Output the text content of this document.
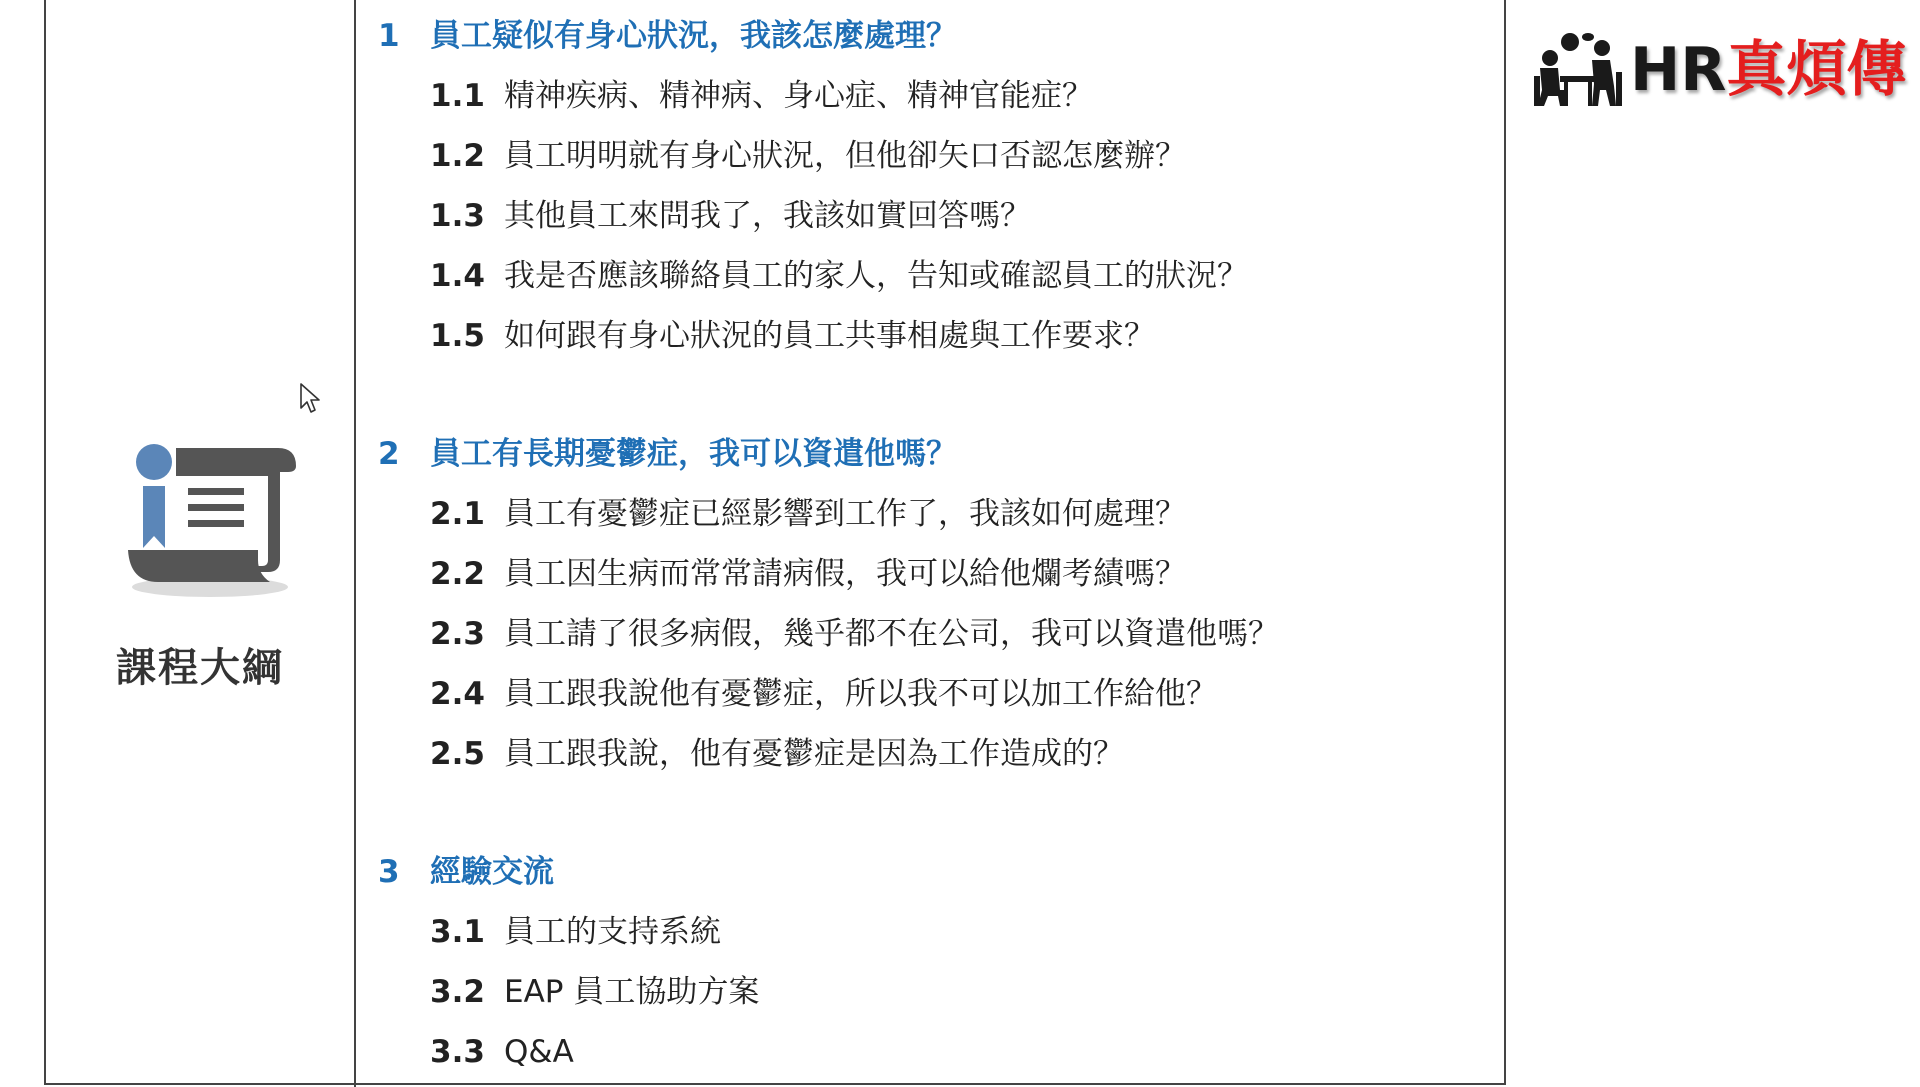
課程大綱
1 員工疑似有身心狀況，我該怎麼處理？
1.1 精神疾病、精神病、身心症、精神官能症？
1.2 員工明明就有身心狀況，但他卻矢口否認怎麼辦？
1.3 其他員工來問我了，我該如實回答嗎？
1.4 我是否應該聯絡員工的家人，告知或確認員工的狀況？
1.5 如何跟有身心狀況的員工共事相處與工作要求？
2 員工有長期憂鬱症，我可以資遣他嗎？
2.1 員工有憂鬱症已經影響到工作了，我該如何處理？
2.2 員工因生病而常常請病假，我可以給他爛考績嗎？
2.3 員工請了很多病假，幾乎都不在公司，我可以資遣他嗎？
2.4 員工跟我說他有憂鬱症，所以我不可以加工作給他？
2.5 員工跟我說，他有憂鬱症是因為工作造成的？
3 經驗交流
3.1 員工的支持系統
3.2 EAP 員工協助方案
3.3 Q&A
HR真煩傳
